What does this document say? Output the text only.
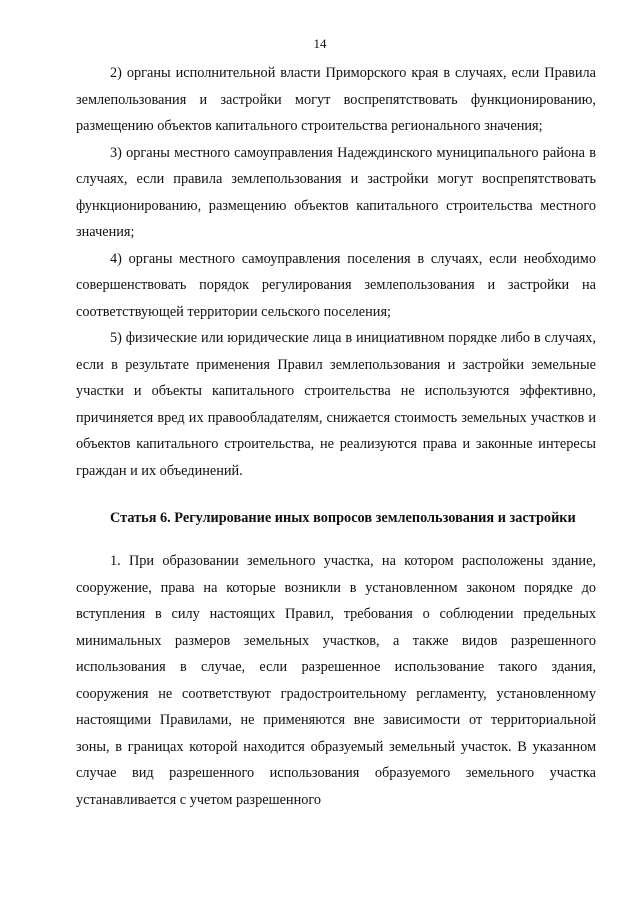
14

2) органы исполнительной власти Приморского края в случаях, если Правила землепользования и застройки могут воспрепятствовать функционированию, размещению объектов капитального строительства регионального значения;

3) органы местного самоуправления Надеждинского муниципального района в случаях, если правила землепользования и застройки могут воспрепятствовать функционированию, размещению объектов капитального строительства местного значения;

4) органы местного самоуправления поселения в случаях, если необходимо совершенствовать порядок регулирования землепользования и застройки на соответствующей территории сельского поселения;

5) физические или юридические лица в инициативном порядке либо в случаях, если в результате применения Правил землепользования и застройки земельные участки и объекты капитального строительства не используются эффективно, причиняется вред их правообладателям, снижается стоимость земельных участков и объектов капитального строительства, не реализуются права и законные интересы граждан и их объединений.

Статья 6. Регулирование иных вопросов землепользования и застройки

1. При образовании земельного участка, на котором расположены здание, сооружение, права на которые возникли в установленном законом порядке до вступления в силу настоящих Правил, требования о соблюдении предельных минимальных размеров земельных участков, а также видов разрешенного использования в случае, если разрешенное использование такого здания, сооружения не соответствуют градостроительному регламенту, установленному настоящими Правилами, не применяются вне зависимости от территориальной зоны, в границах которой находится образуемый земельный участок. В указанном случае вид разрешенного использования образуемого земельного участка устанавливается с учетом разрешенного
